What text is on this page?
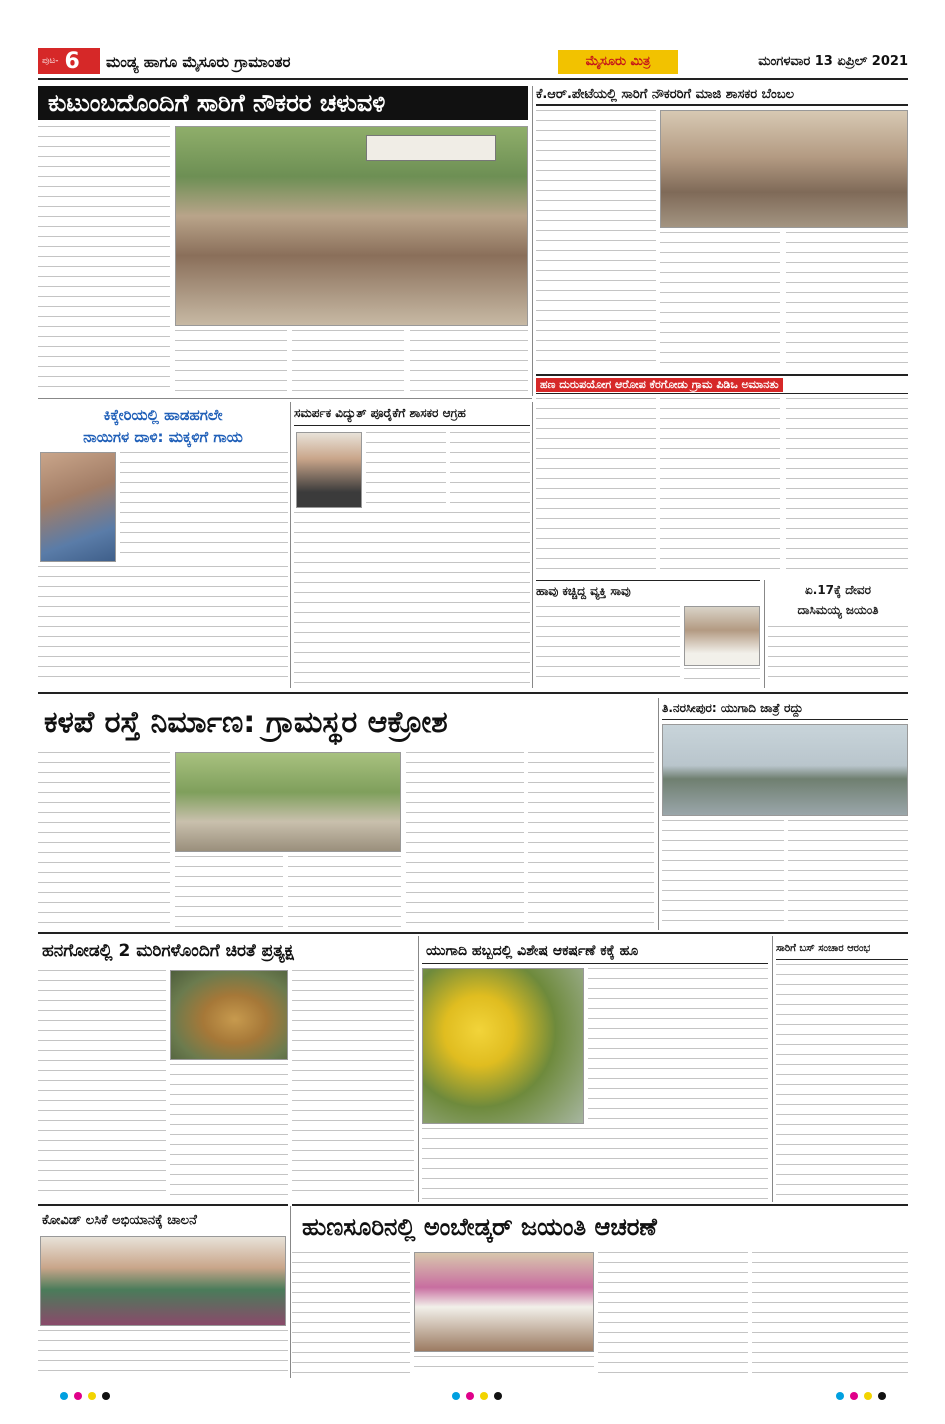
ಪುಟ- 6 ಮಂಡ್ಯ ಹಾಗೂ ಮೈಸೂರು ಗ್ರಾಮಾಂತರ	ಮೈಸೂರು ಮಿತ್ರ	ಮಂಗಳವಾರ 13 ಏಪ್ರಿಲ್ 2021
ಕುಟುಂಬದೊಂದಿಗೆ ಸಾರಿಗೆ ನೌಕರರ ಚಳುವಳಿ	ಕೆ.ಆರ್.ಪೇಟೆಯಲ್ಲಿ ಸಾರಿಗೆ ನೌಕರರಿಗೆ ಮಾಜಿ ಶಾಸಕರ ಬೆಂಬಲ
ಹಣ ದುರುಪಯೋಗ ಆರೋಪ ಕೆರಗೋಡು ಗ್ರಾಮ ಪಿಡಿಒ ಅಮಾನತು
ಕಿಕ್ಕೇರಿಯಲ್ಲಿ ಹಾಡಹಗಲೇ
ನಾಯಿಗಳ ದಾಳಿ: ಮಕ್ಕಳಿಗೆ ಗಾಯ
ಸಮರ್ಪಕ ವಿದ್ಯುತ್ ಪೂರೈಕೆಗೆ ಶಾಸಕರ ಆಗ್ರಹ
ಹಾವು ಕಚ್ಚಿದ್ದ ವ್ಯಕ್ತಿ ಸಾವು	ಏ.17ಕ್ಕೆ ದೇವರ
ದಾಸಿಮಯ್ಯ ಜಯಂತಿ
ಕಳಪೆ ರಸ್ತೆ ನಿರ್ಮಾಣ: ಗ್ರಾಮಸ್ಥರ ಆಕ್ರೋಶ	ತಿ.ನರಸೀಪುರ: ಯುಗಾದಿ ಜಾತ್ರೆ ರದ್ದು
ಹನಗೋಡಲ್ಲಿ 2 ಮರಿಗಳೊಂದಿಗೆ ಚಿರತೆ ಪ್ರತ್ಯಕ್ಷ	ಯುಗಾದಿ ಹಬ್ಬದಲ್ಲಿ ವಿಶೇಷ ಆಕರ್ಷಣೆ ಕಕ್ಕೆ ಹೂ	ಸಾರಿಗೆ ಬಸ್ ಸಂಚಾರ ಆರಂಭ
ಹುಣಸೂರಿನಲ್ಲಿ ಅಂಬೇಡ್ಕರ್ ಜಯಂತಿ ಆಚರಣೆ
ಕೋವಿಡ್ ಲಸಿಕೆ ಅಭಿಯಾನಕ್ಕೆ ಚಾಲನೆ
